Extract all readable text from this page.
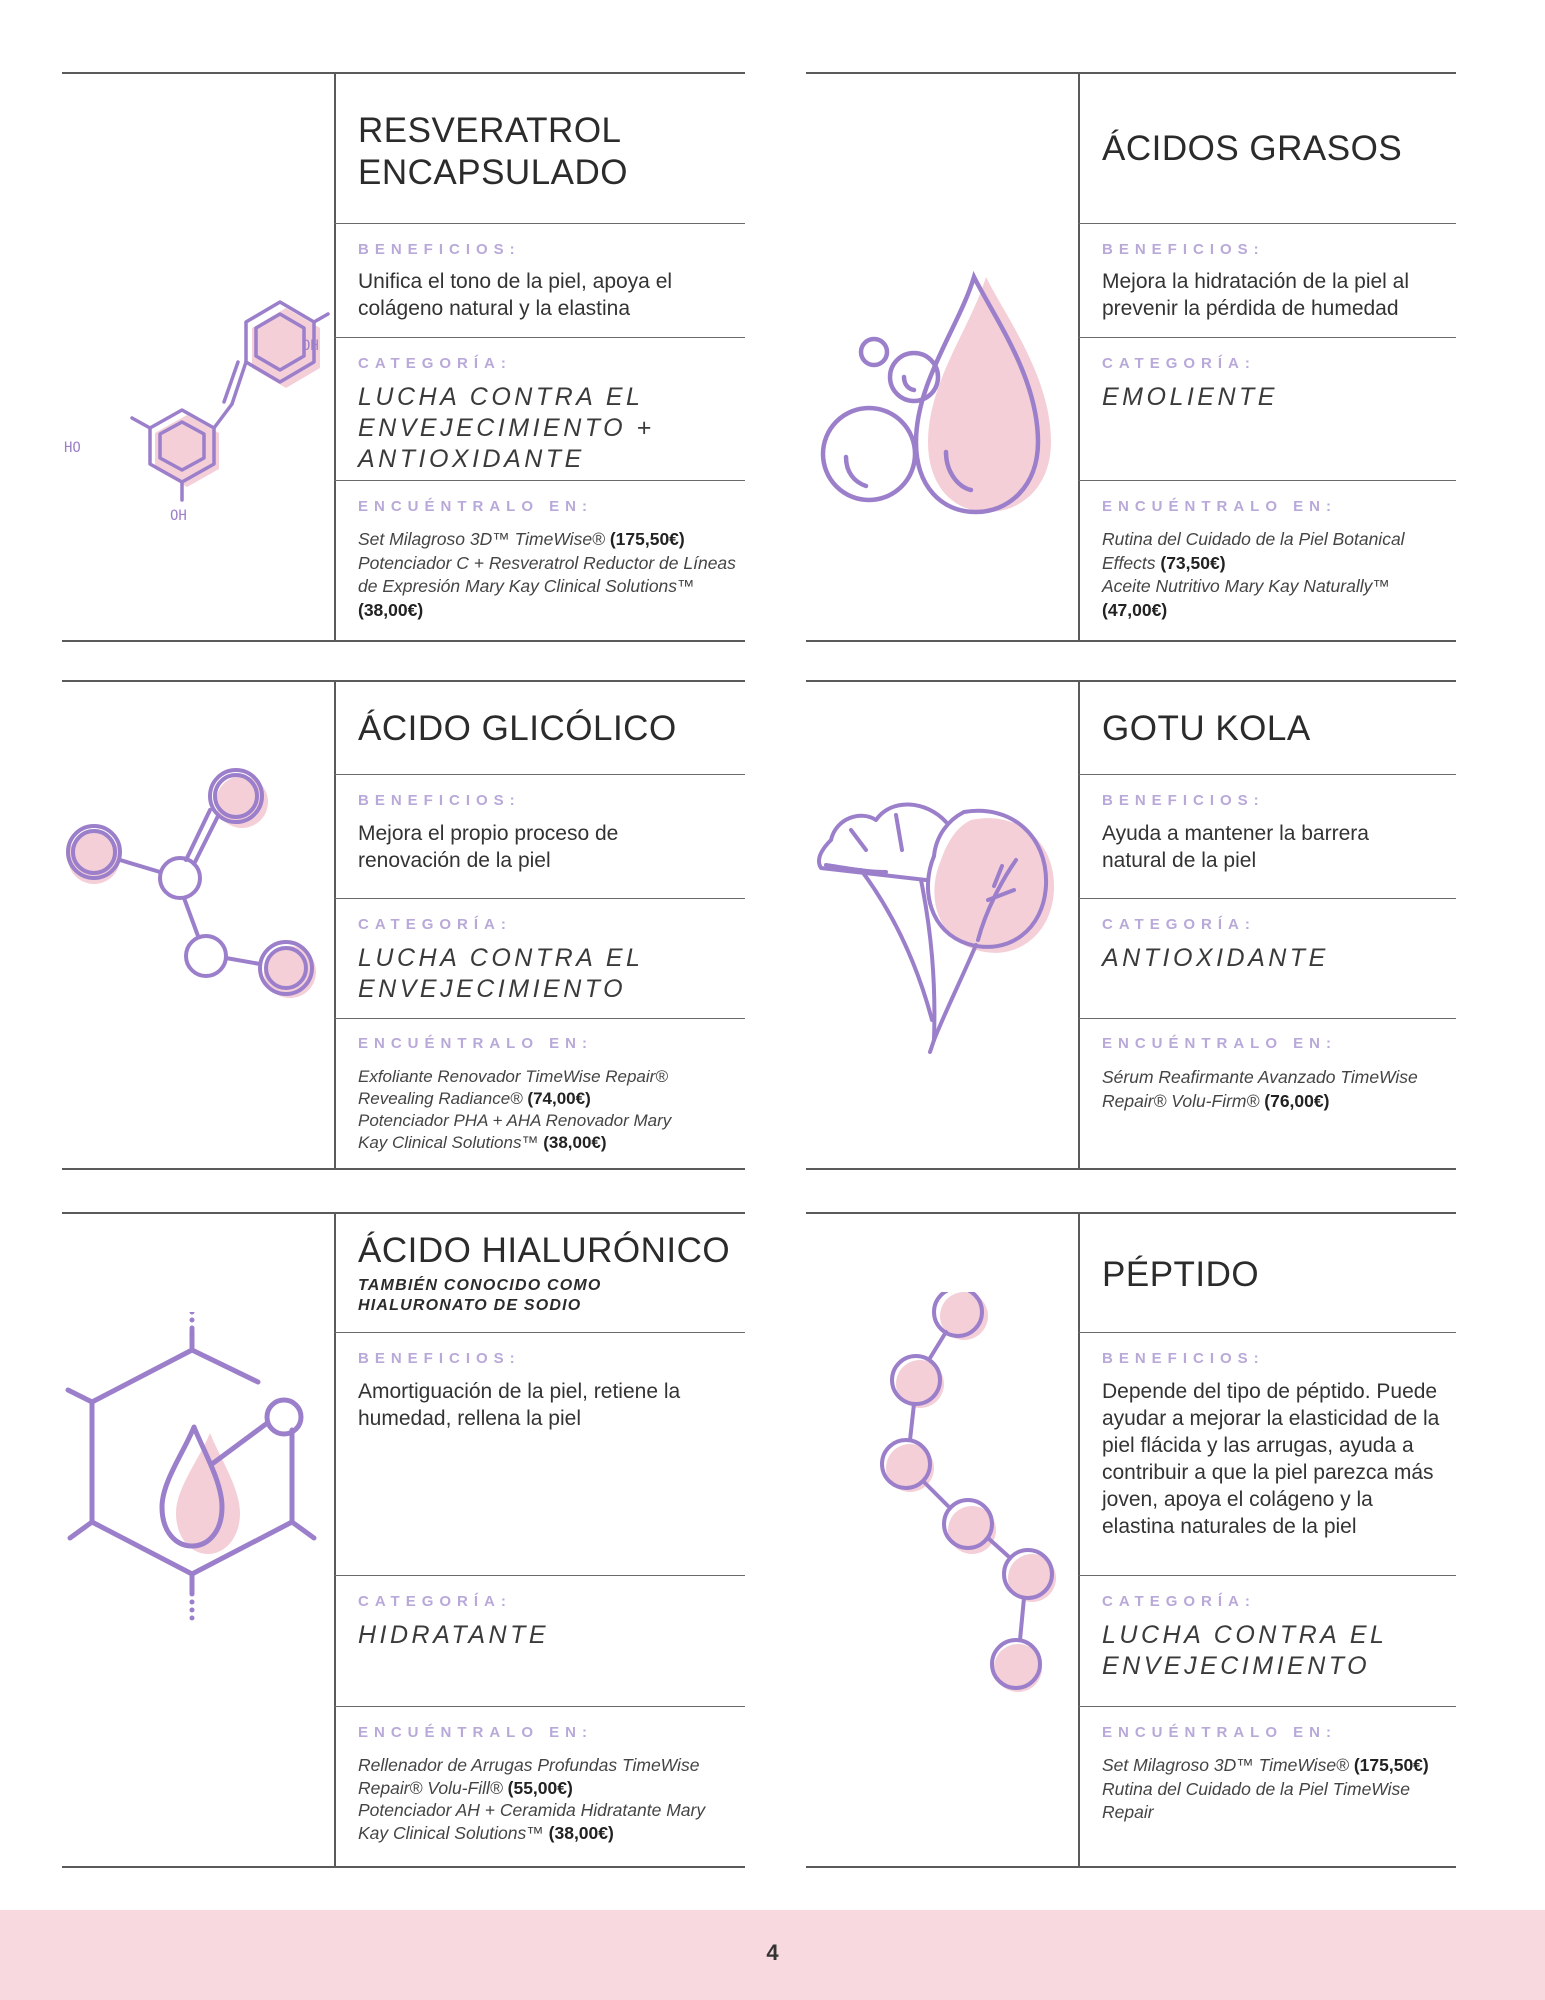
OH
HO
OH
RESVERATROL
ENCAPSULADO
BENEFICIOS:
Unifica el tono de la piel, apoya el colágeno natural y la elastina
CATEGORÍA:
LUCHA CONTRA EL ENVEJECIMIENTO + ANTIOXIDANTE
ENCUÉNTRALO EN:
Set Milagroso 3D™ TimeWise® (175,50€)
Potenciador C + Resveratrol Reductor de Líneas de Expresión Mary Kay Clinical Solutions™ (38,00€)
ÁCIDOS GRASOS
BENEFICIOS:
Mejora la hidratación de la piel al prevenir la pérdida de humedad
CATEGORÍA:
EMOLIENTE
ENCUÉNTRALO EN:
Rutina del Cuidado de la Piel Botanical Effects (73,50€)
Aceite Nutritivo Mary Kay Naturally™ (47,00€)
ÁCIDO GLICÓLICO
BENEFICIOS:
Mejora el propio proceso de renovación de la piel
CATEGORÍA:
LUCHA CONTRA EL ENVEJECIMIENTO
ENCUÉNTRALO EN:
Exfoliante Renovador TimeWise Repair® Revealing Radiance® (74,00€)
Potenciador PHA + AHA Renovador Mary Kay Clinical Solutions™ (38,00€)
GOTU KOLA
BENEFICIOS:
Ayuda a mantener la barrera natural de la piel
CATEGORÍA:
ANTIOXIDANTE
ENCUÉNTRALO EN:
Sérum Reafirmante Avanzado TimeWise Repair® Volu-Firm® (76,00€)
ÁCIDO HIALURÓNICO
TAMBIÉN CONOCIDO COMO
HIALURONATO DE SODIO
BENEFICIOS:
Amortiguación de la piel, retiene la humedad, rellena la piel
CATEGORÍA:
HIDRATANTE
ENCUÉNTRALO EN:
Rellenador de Arrugas Profundas TimeWise Repair® Volu-Fill® (55,00€)
Potenciador AH + Ceramida Hidratante Mary Kay Clinical Solutions™ (38,00€)
PÉPTIDO
BENEFICIOS:
Depende del tipo de péptido. Puede ayudar a mejorar la elasticidad de la piel flácida y las arrugas, ayuda a contribuir a que la piel parezca más joven, apoya el colágeno y la elastina naturales de la piel
CATEGORÍA:
LUCHA CONTRA EL ENVEJECIMIENTO
ENCUÉNTRALO EN:
Set Milagroso 3D™ TimeWise® (175,50€)
Rutina del Cuidado de la Piel TimeWise Repair
4
